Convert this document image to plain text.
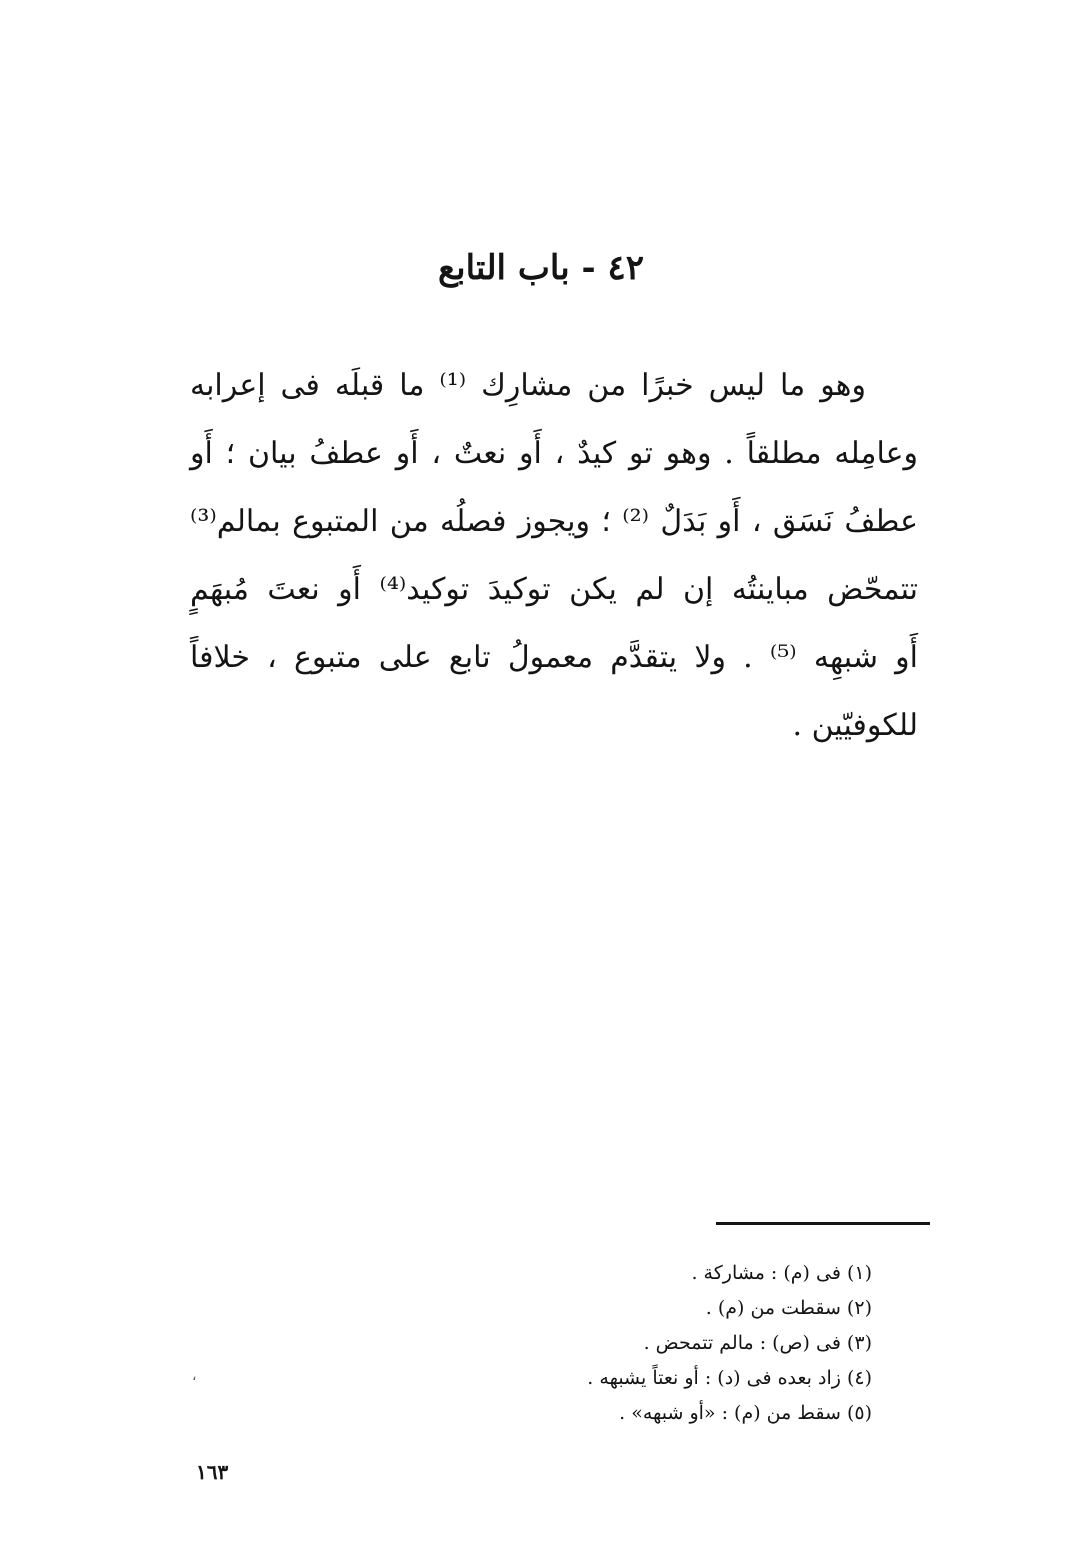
٤٢ - باب التابع
وهو ما ليس خبرًا من مشارِك ⁽¹⁾ ما قبلَه فى إعرابه
وعامِله مطلقاً . وهو تو كيدٌ ، أَو نعتٌ ، أَو عطفُ بيان ؛ أَو
عطفُ نَسَق ، أَو بَدَلٌ ⁽²⁾ ؛ ويجوز فصلُه من المتبوع بمالم⁽³⁾
تتمحّض مباينتُه إن لم يكن توكيدَ توكيد⁽⁴⁾ أَو نعتَ مُبهَمٍ
أَو شبهِه ⁽⁵⁾ . ولا يتقدَّم معمولُ تابع على متبوع ، خلافاً
للكوفيّين .
(١) فى (م) : مشاركة .
(٢) سقطت من (م) .
(٣) فى (ص) : مالم تتمحض .
(٤) زاد بعده فى (د) : أو نعتاً يشبهه .
(٥) سقط من (م) : «أو شبهه» .
،
١٦٣
